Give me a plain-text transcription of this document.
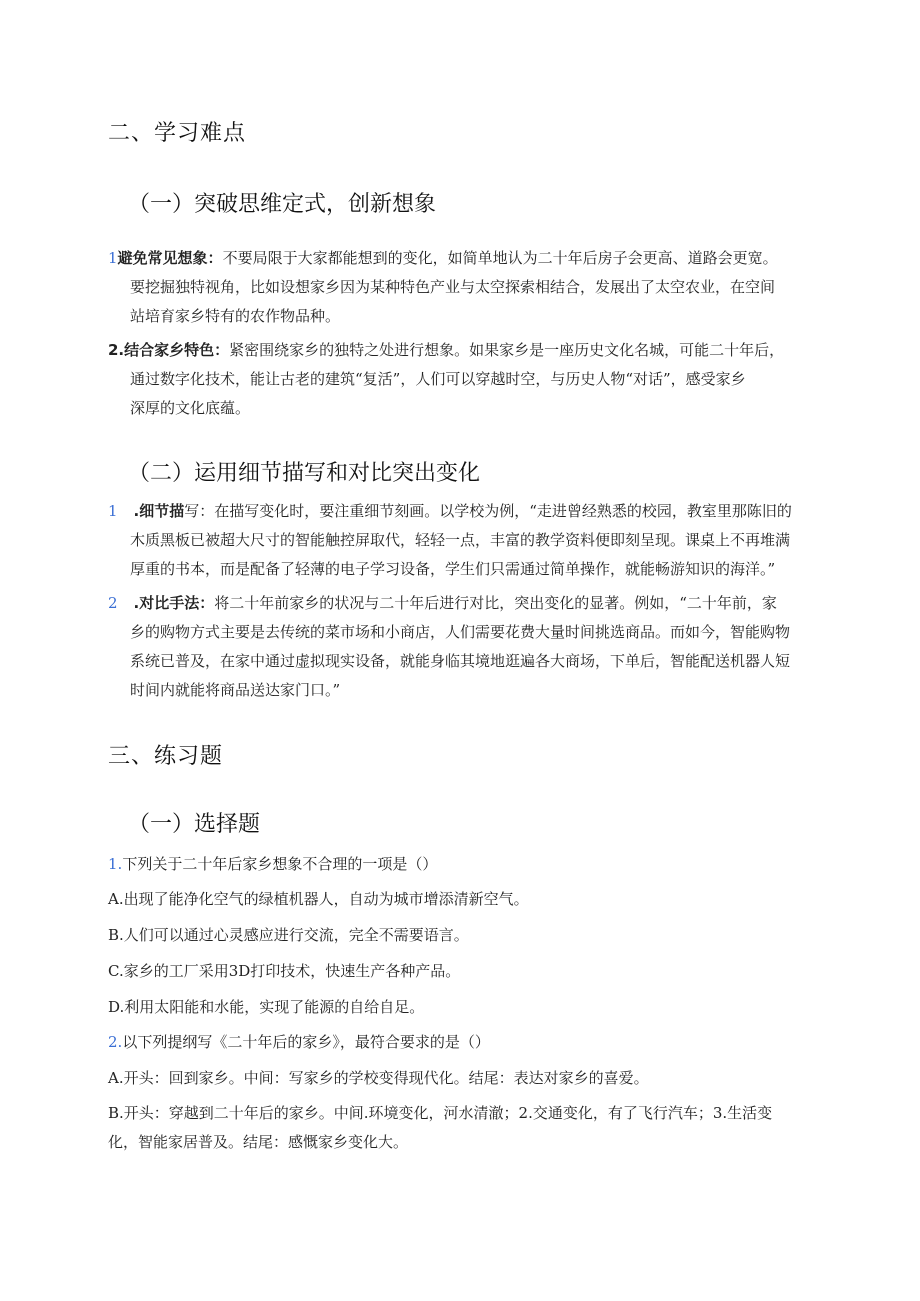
二、学习难点
（一）突破思维定式，创新想象
1避免常见想象：不要局限于大家都能想到的变化，如简单地认为二十年后房子会更高、道路会更宽。
要挖掘独特视角，比如设想家乡因为某种特色产业与太空探索相结合，发展出了太空农业，在空间
站培育家乡特有的农作物品种。
2.结合家乡特色：紧密围绕家乡的独特之处进行想象。如果家乡是一座历史文化名城，可能二十年后，
通过数字化技术，能让古老的建筑“复活”，人们可以穿越时空，与历史人物“对话”，感受家乡
深厚的文化底蕴。
（二）运用细节描写和对比突出变化
1 .细节描写：在描写变化时，要注重细节刻画。以学校为例，“走进曾经熟悉的校园，教室里那陈旧的
木质黑板已被超大尺寸的智能触控屏取代，轻轻一点，丰富的教学资料便即刻呈现。课桌上不再堆满
厚重的书本，而是配备了轻薄的电子学习设备，学生们只需通过简单操作，就能畅游知识的海洋。”
2 .对比手法：将二十年前家乡的状况与二十年后进行对比，突出变化的显著。例如，“二十年前，家
乡的购物方式主要是去传统的菜市场和小商店，人们需要花费大量时间挑选商品。而如今，智能购物
系统已普及，在家中通过虚拟现实设备，就能身临其境地逛遍各大商场，下单后，智能配送机器人短
时间内就能将商品送达家门口。”
三、练习题
（一）选择题
1.下列关于二十年后家乡想象不合理的一项是（）
A.出现了能净化空气的绿植机器人，自动为城市增添清新空气。
B.人们可以通过心灵感应进行交流，完全不需要语言。
C.家乡的工厂采用3D打印技术，快速生产各种产品。
D.利用太阳能和水能，实现了能源的自给自足。
2.以下列提纲写《二十年后的家乡》，最符合要求的是（）
A.开头：回到家乡。中间：写家乡的学校变得现代化。结尾：表达对家乡的喜爱。
B.开头：穿越到二十年后的家乡。中间.环境变化，河水清澈；2.交通变化，有了飞行汽车；3.生活变
化，智能家居普及。结尾：感慨家乡变化大。
